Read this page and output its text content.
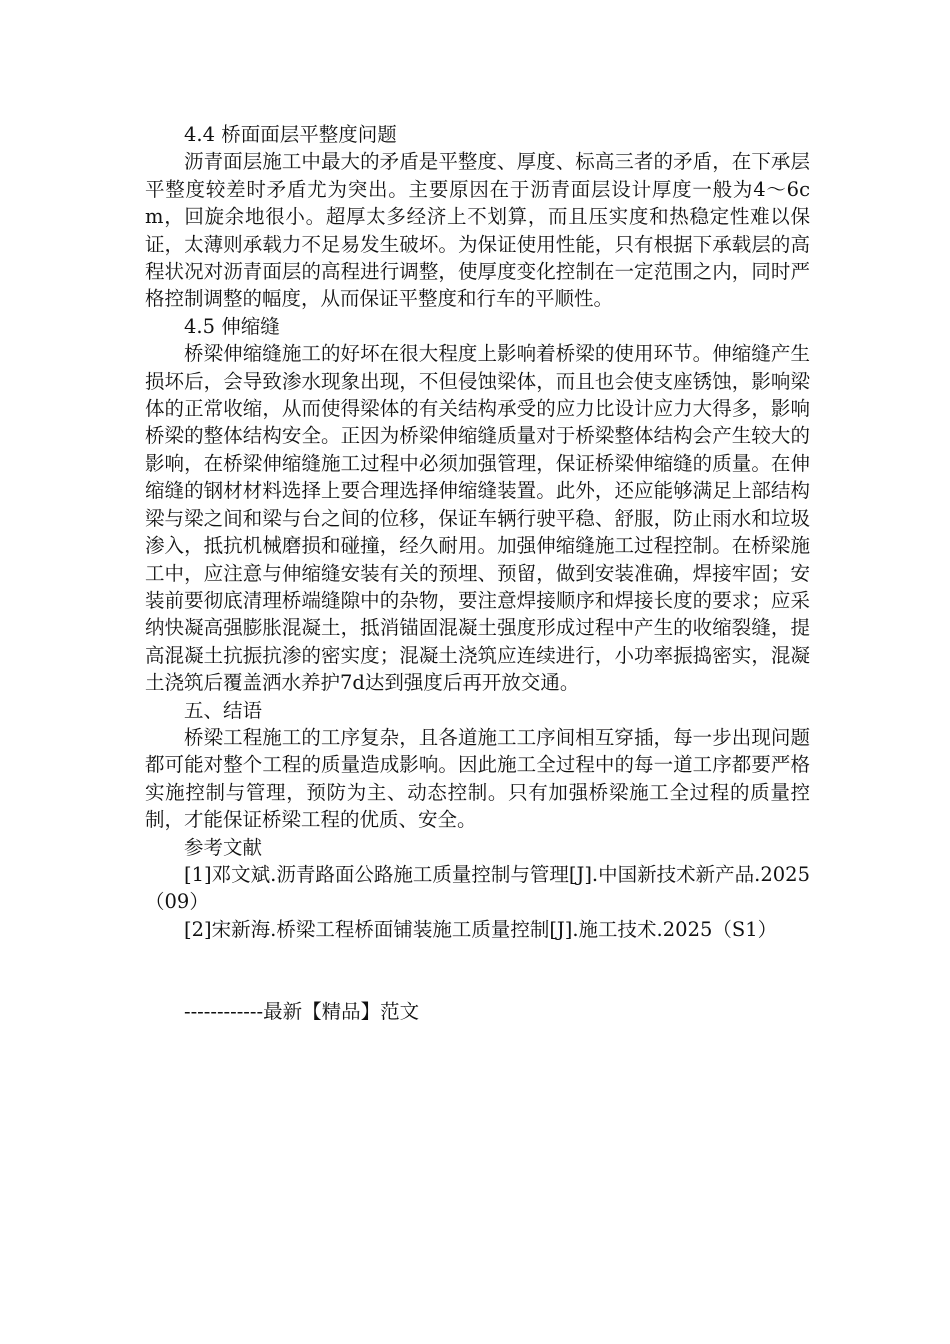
4.4 桥面面层平整度问题

沥青面层施工中最大的矛盾是平整度、厚度、标高三者的矛盾，在下承层平整度较差时矛盾尤为突出。主要原因在于沥青面层设计厚度一般为4～6cm，回旋余地很小。超厚太多经济上不划算，而且压实度和热稳定性难以保证，太薄则承载力不足易发生破坏。为保证使用性能，只有根据下承载层的高程状况对沥青面层的高程进行调整，使厚度变化控制在一定范围之内，同时严格控制调整的幅度，从而保证平整度和行车的平顺性。

4.5 伸缩缝

桥梁伸缩缝施工的好坏在很大程度上影响着桥梁的使用环节。伸缩缝产生损坏后，会导致渗水现象出现，不但侵蚀梁体，而且也会使支座锈蚀，影响梁体的正常收缩，从而使得梁体的有关结构承受的应力比设计应力大得多，影响桥梁的整体结构安全。正因为桥梁伸缩缝质量对于桥梁整体结构会产生较大的影响，在桥梁伸缩缝施工过程中必须加强管理，保证桥梁伸缩缝的质量。在伸缩缝的钢材材料选择上要合理选择伸缩缝装置。此外，还应能够满足上部结构梁与梁之间和梁与台之间的位移，保证车辆行驶平稳、舒服，防止雨水和垃圾渗入，抵抗机械磨损和碰撞，经久耐用。加强伸缩缝施工过程控制。在桥梁施工中，应注意与伸缩缝安装有关的预埋、预留，做到安装准确，焊接牢固；安装前要彻底清理桥端缝隙中的杂物，要注意焊接顺序和焊接长度的要求；应采纳快凝高强膨胀混凝土，抵消锚固混凝土强度形成过程中产生的收缩裂缝，提高混凝土抗振抗渗的密实度；混凝土浇筑应连续进行，小功率振捣密实，混凝土浇筑后覆盖洒水养护7d达到强度后再开放交通。

五、结语

桥梁工程施工的工序复杂，且各道施工工序间相互穿插，每一步出现问题都可能对整个工程的质量造成影响。因此施工全过程中的每一道工序都要严格实施控制与管理，预防为主、动态控制。只有加强桥梁施工全过程的质量控制，才能保证桥梁工程的优质、安全。

参考文献

[1]邓文斌.沥青路面公路施工质量控制与管理[J].中国新技术新产品.2025（09）

[2]宋新海.桥梁工程桥面铺装施工质量控制[J].施工技术.2025（S1）

------------最新【精品】范文
